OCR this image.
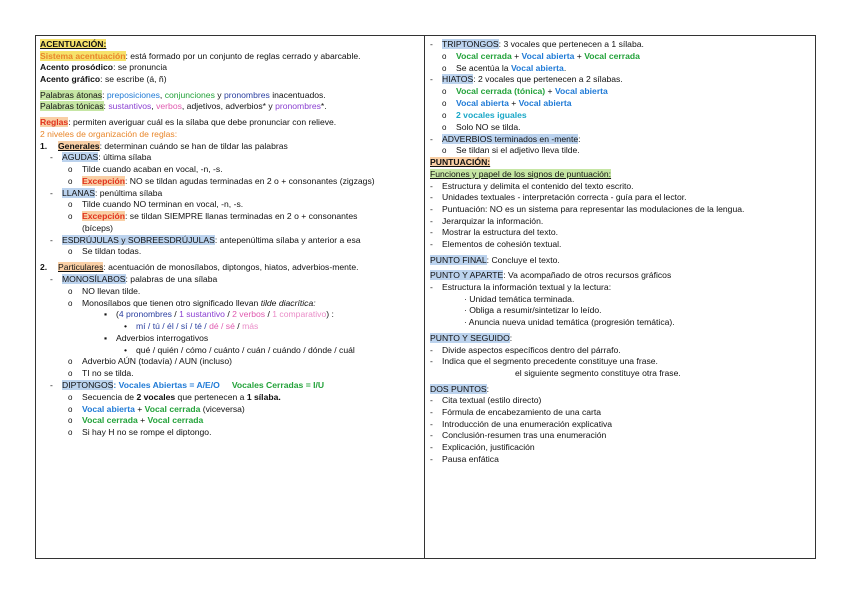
ACENTUACIÓN:
Sistema acentuación: está formado por un conjunto de reglas cerrado y abarcable.
Acento prosódico: se pronuncia
Acento gráfico: se escribe (á, ñ)
Palabras átonas: preposiciones, conjunciones y pronombres inacentuados.
Palabras tónicas: sustantivos, verbos, adjetivos, adverbios* y pronombres*.
Reglas: permiten averiguar cuál es la sílaba que debe pronunciar con relieve.
2 niveles de organización de reglas:
1. Generales: determinan cuándo se han de tildar las palabras
- AGUDAS: última sílaba
o Tilde cuando acaban en vocal, -n, -s.
o Excepción: NO se tildan agudas terminadas en 2 o + consonantes (zigzags)
- LLANAS: penúltima sílaba
o Tilde cuando NO terminan en vocal, -n, -s.
o Excepción: se tildan SIEMPRE llanas terminadas en 2 o + consonantes
(bíceps)
- ESDRÚJULAS y SOBREESDRÚJULAS: antepenúltima sílaba y anterior a esa
o Se tildan todas.
2. Particulares: acentuación de monosílabos, diptongos, hiatos, adverbios-mente.
- MONOSÍLABOS: palabras de una sílaba
o NO llevan tilde.
o Monosílabos que tienen otro significado llevan tilde diacrítica:
▪ (4 pronombres / 1 sustantivo / 2 verbos / 1 comparativo) :
• mí / tú / él / sí / té / dé / sé / más
▪ Adverbios interrogativos
• qué / quién / cómo / cuánto / cuán / cuándo / dónde / cuál
o Adverbio AÚN (todavía) / AUN (incluso)
o TI no se tilda.
- DIPTONGOS: Vocales Abiertas = A/E/O Vocales Cerradas = I/U
o Secuencia de 2 vocales que pertenecen a 1 sílaba.
o Vocal abierta + Vocal cerrada (viceversa)
o Vocal cerrada + Vocal cerrada
o Si hay H no se rompe el diptongo.
- TRIPTONGOS: 3 vocales que pertenecen a 1 sílaba.
o Vocal cerrada + Vocal abierta + Vocal cerrada
o Se acentúa la Vocal abierta.
- HIATOS: 2 vocales que pertenecen a 2 sílabas.
o Vocal cerrada (tónica) + Vocal abierta
o Vocal abierta + Vocal abierta
o 2 vocales iguales
o Solo NO se tilda.
- ADVERBIOS terminados en -mente:
o Se tildan si el adjetivo lleva tilde.
PUNTUACIÓN:
Funciones y papel de los signos de puntuación:
- Estructura y delimita el contenido del texto escrito.
- Unidades textuales - interpretación correcta - guía para el lector.
- Puntuación: NO es un sistema para representar las modulaciones de la lengua.
- Jerarquizar la información.
- Mostrar la estructura del texto.
- Elementos de cohesión textual.
PUNTO FINAL: Concluye el texto.
PUNTO Y APARTE: Va acompañado de otros recursos gráficos
- Estructura la información textual y la lectura:
· Unidad temática terminada.
· Obliga a resumir/sintetizar lo leído.
· Anuncia nueva unidad temática (progresión temática).
PUNTO Y SEGUIDO:
- Divide aspectos específicos dentro del párrafo.
- Indica que el segmento precedente constituye una frase.
el siguiente segmento constituye otra frase.
DOS PUNTOS:
- Cita textual (estilo directo)
- Fórmula de encabezamiento de una carta
- Introducción de una enumeración explicativa
- Conclusión-resumen tras una enumeración
- Explicación, justificación
- Pausa enfática
